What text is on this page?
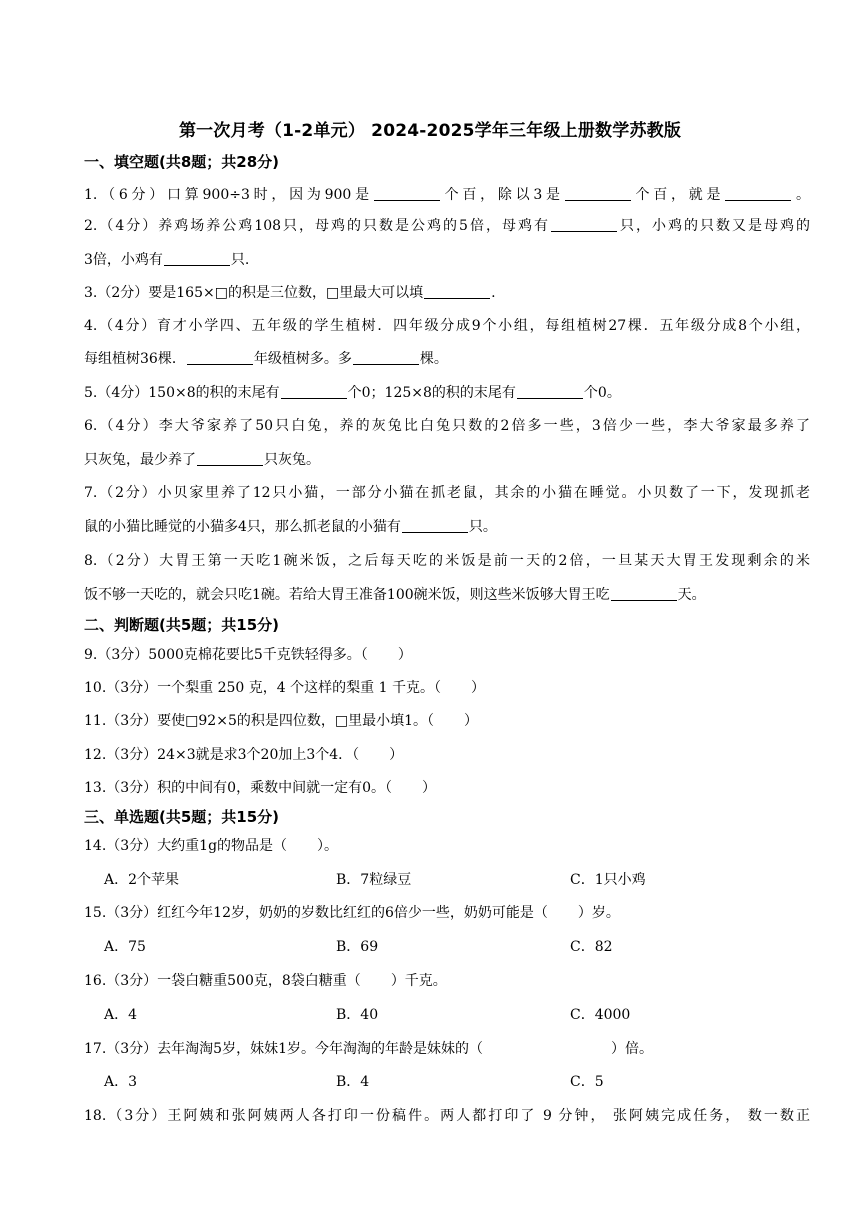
第一次月考（1-2单元） 2024-2025学年三年级上册数学苏教版
一、填空题(共8题；共28分)
1.（6分）口算900÷3时，因为900是	个百，除以3是	个百，就是	。
2.（4分）养鸡场养公鸡108只，母鸡的只数是公鸡的5倍，母鸡有	只，小鸡的只数又是母鸡的
3倍，小鸡有	只.
3.（2分）要是165×□的积是三位数，□里最大可以填	.
4.（4分）育才小学四、五年级的学生植树．四年级分成9个小组，每组植树27棵．五年级分成8个小组，
每组植树36棵．	年级植树多。多	棵。
5.（4分）150×8的积的末尾有	个0；125×8的积的末尾有	个0。
6.（4分）李大爷家养了50只白兔，养的灰兔比白兔只数的2倍多一些，3倍少一些，李大爷家最多养了
只灰兔，最少养了	只灰兔。
7.（2分）小贝家里养了12只小猫，一部分小猫在抓老鼠，其余的小猫在睡觉。小贝数了一下，发现抓老
鼠的小猫比睡觉的小猫多4只，那么抓老鼠的小猫有	只。
8.（2分）大胃王第一天吃1碗米饭，之后每天吃的米饭是前一天的2倍，一旦某天大胃王发现剩余的米
饭不够一天吃的，就会只吃1碗。若给大胃王准备100碗米饭，则这些米饭够大胃王吃	天。
二、判断题(共5题；共15分)
9.（3分）5000克棉花要比5千克铁轻得多。（ ）
10.（3分）一个梨重 250 克，4 个这样的梨重 1 千克。（ ）
11.（3分）要使□92×5的积是四位数，□里最小填1。（ ）
12.（3分）24×3就是求3个20加上3个4．（ ）
13.（3分）积的中间有0，乘数中间就一定有0。（ ）
三、单选题(共5题；共15分)
14.（3分）大约重1g的物品是（ ）。
A．2个苹果	B．7粒绿豆	C．1只小鸡
15.（3分）红红今年12岁，奶奶的岁数比红红的6倍少一些，奶奶可能是（ ）岁。
A．75	B．69	C．82
16.（3分）一袋白糖重500克，8袋白糖重（ ）千克。
A．4	B．40	C．4000
17.（3分）去年淘淘5岁，妹妹1岁。今年淘淘的年龄是妹妹的（	）倍。
A．3	B．4	C．5
18.（3分）王阿姨和张阿姨两人各打印一份稿件。两人都打印了 9 分钟， 张阿姨完成任务， 数一数正
